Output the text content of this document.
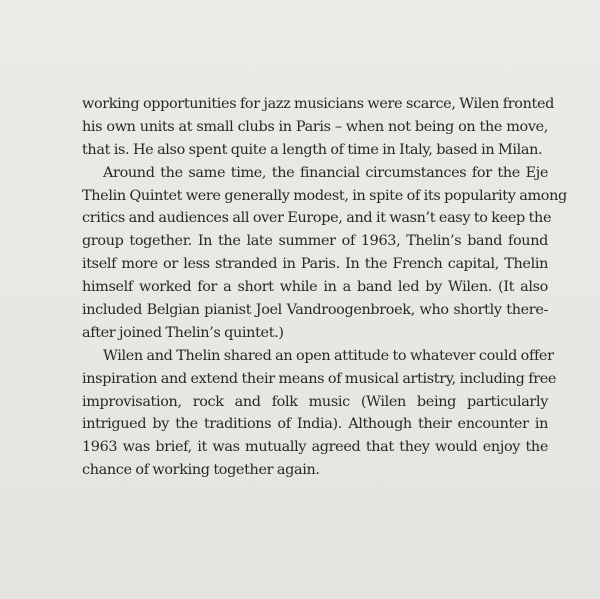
working opportunities for jazz musicians were scarce, Wilen fronted
his own units at small clubs in Paris – when not being on the move,
that is. He also spent quite a length of time in Italy, based in Milan.
Around the same time, the financial circumstances for the Eje
Thelin Quintet were generally modest, in spite of its popularity among
critics and audiences all over Europe, and it wasn’t easy to keep the
group together. In the late summer of 1963, Thelin’s band found
itself more or less stranded in Paris. In the French capital, Thelin
himself worked for a short while in a band led by Wilen. (It also
included Belgian pianist Joel Vandroogenbroek, who shortly there-
after joined Thelin’s quintet.)
Wilen and Thelin shared an open attitude to whatever could offer
inspiration and extend their means of musical artistry, including free
improvisation, rock and folk music (Wilen being particularly
intrigued by the traditions of India). Although their encounter in
1963 was brief, it was mutually agreed that they would enjoy the
chance of working together again.
